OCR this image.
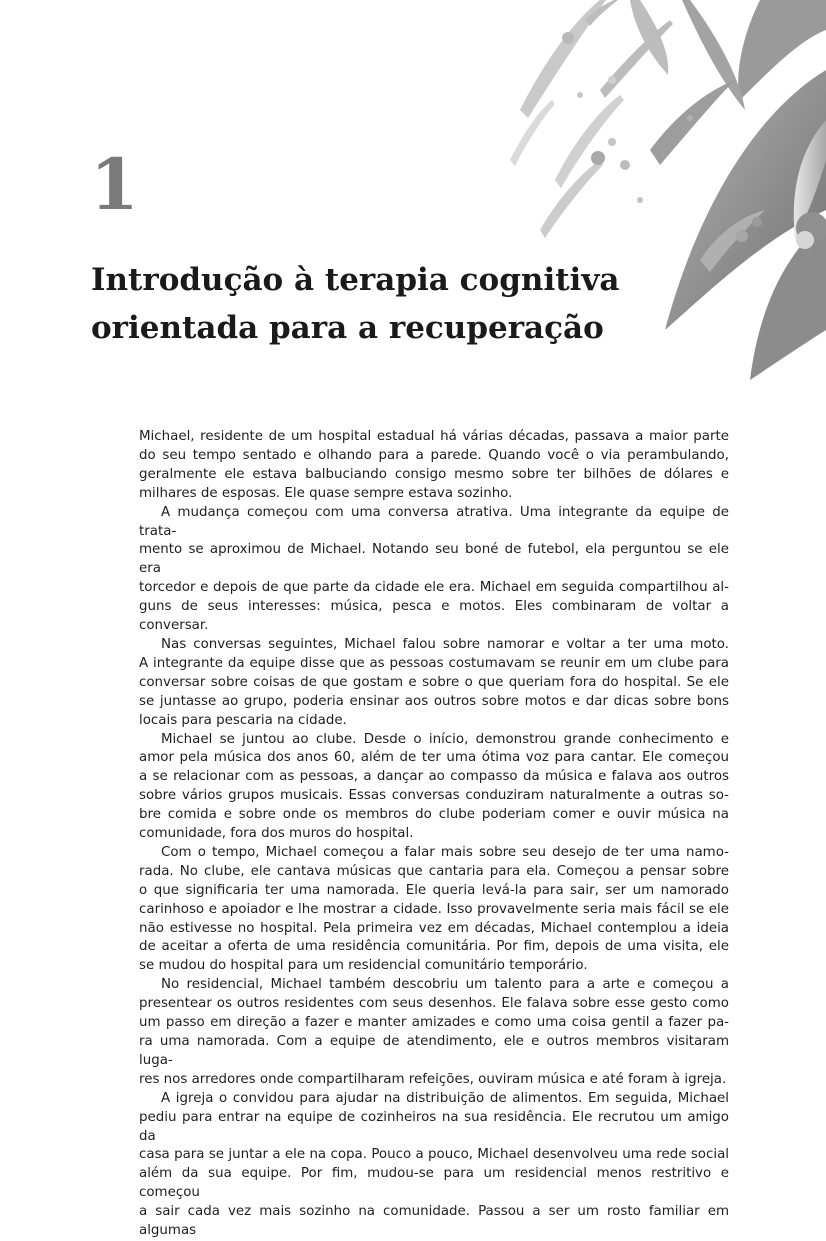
1
Introdução à terapia cognitiva
orientada para a recuperação

Michael, residente de um hospital estadual há várias décadas, passava a maior parte

do seu tempo sentado e olhando para a parede. Quando você o via perambulando,

geralmente ele estava balbuciando consigo mesmo sobre ter bilhões de dólares e

milhares de esposas. Ele quase sempre estava sozinho.

A mudança começou com uma conversa atrativa. Uma integrante da equipe de trata-

mento se aproximou de Michael. Notando seu boné de futebol, ela perguntou se ele era

torcedor e depois de que parte da cidade ele era. Michael em seguida compartilhou al-

guns de seus interesses: música, pesca e motos. Eles combinaram de voltar a conversar.

Nas conversas seguintes, Michael falou sobre namorar e voltar a ter uma moto.

A integrante da equipe disse que as pessoas costumavam se reunir em um clube para

conversar sobre coisas de que gostam e sobre o que queriam fora do hospital. Se ele

se juntasse ao grupo, poderia ensinar aos outros sobre motos e dar dicas sobre bons

locais para pescaria na cidade.

Michael se juntou ao clube. Desde o início, demonstrou grande conhecimento e

amor pela música dos anos 60, além de ter uma ótima voz para cantar. Ele começou

a se relacionar com as pessoas, a dançar ao compasso da música e falava aos outros

sobre vários grupos musicais. Essas conversas conduziram naturalmente a outras so-

bre comida e sobre onde os membros do clube poderiam comer e ouvir música na

comunidade, fora dos muros do hospital.

Com o tempo, Michael começou a falar mais sobre seu desejo de ter uma namo-

rada. No clube, ele cantava músicas que cantaria para ela. Começou a pensar sobre

o que significaria ter uma namorada. Ele queria levá-la para sair, ser um namorado

carinhoso e apoiador e lhe mostrar a cidade. Isso provavelmente seria mais fácil se ele

não estivesse no hospital. Pela primeira vez em décadas, Michael contemplou a ideia

de aceitar a oferta de uma residência comunitária. Por fim, depois de uma visita, ele

se mudou do hospital para um residencial comunitário temporário.

No residencial, Michael também descobriu um talento para a arte e começou a

presentear os outros residentes com seus desenhos. Ele falava sobre esse gesto como

um passo em direção a fazer e manter amizades e como uma coisa gentil a fazer pa-

ra uma namorada. Com a equipe de atendimento, ele e outros membros visitaram luga-

res nos arredores onde compartilharam refeições, ouviram música e até foram à igreja.

A igreja o convidou para ajudar na distribuição de alimentos. Em seguida, Michael

pediu para entrar na equipe de cozinheiros na sua residência. Ele recrutou um amigo da

casa para se juntar a ele na copa. Pouco a pouco, Michael desenvolveu uma rede social

além da sua equipe. Por fim, mudou-se para um residencial menos restritivo e começou

a sair cada vez mais sozinho na comunidade. Passou a ser um rosto familiar em algumas
